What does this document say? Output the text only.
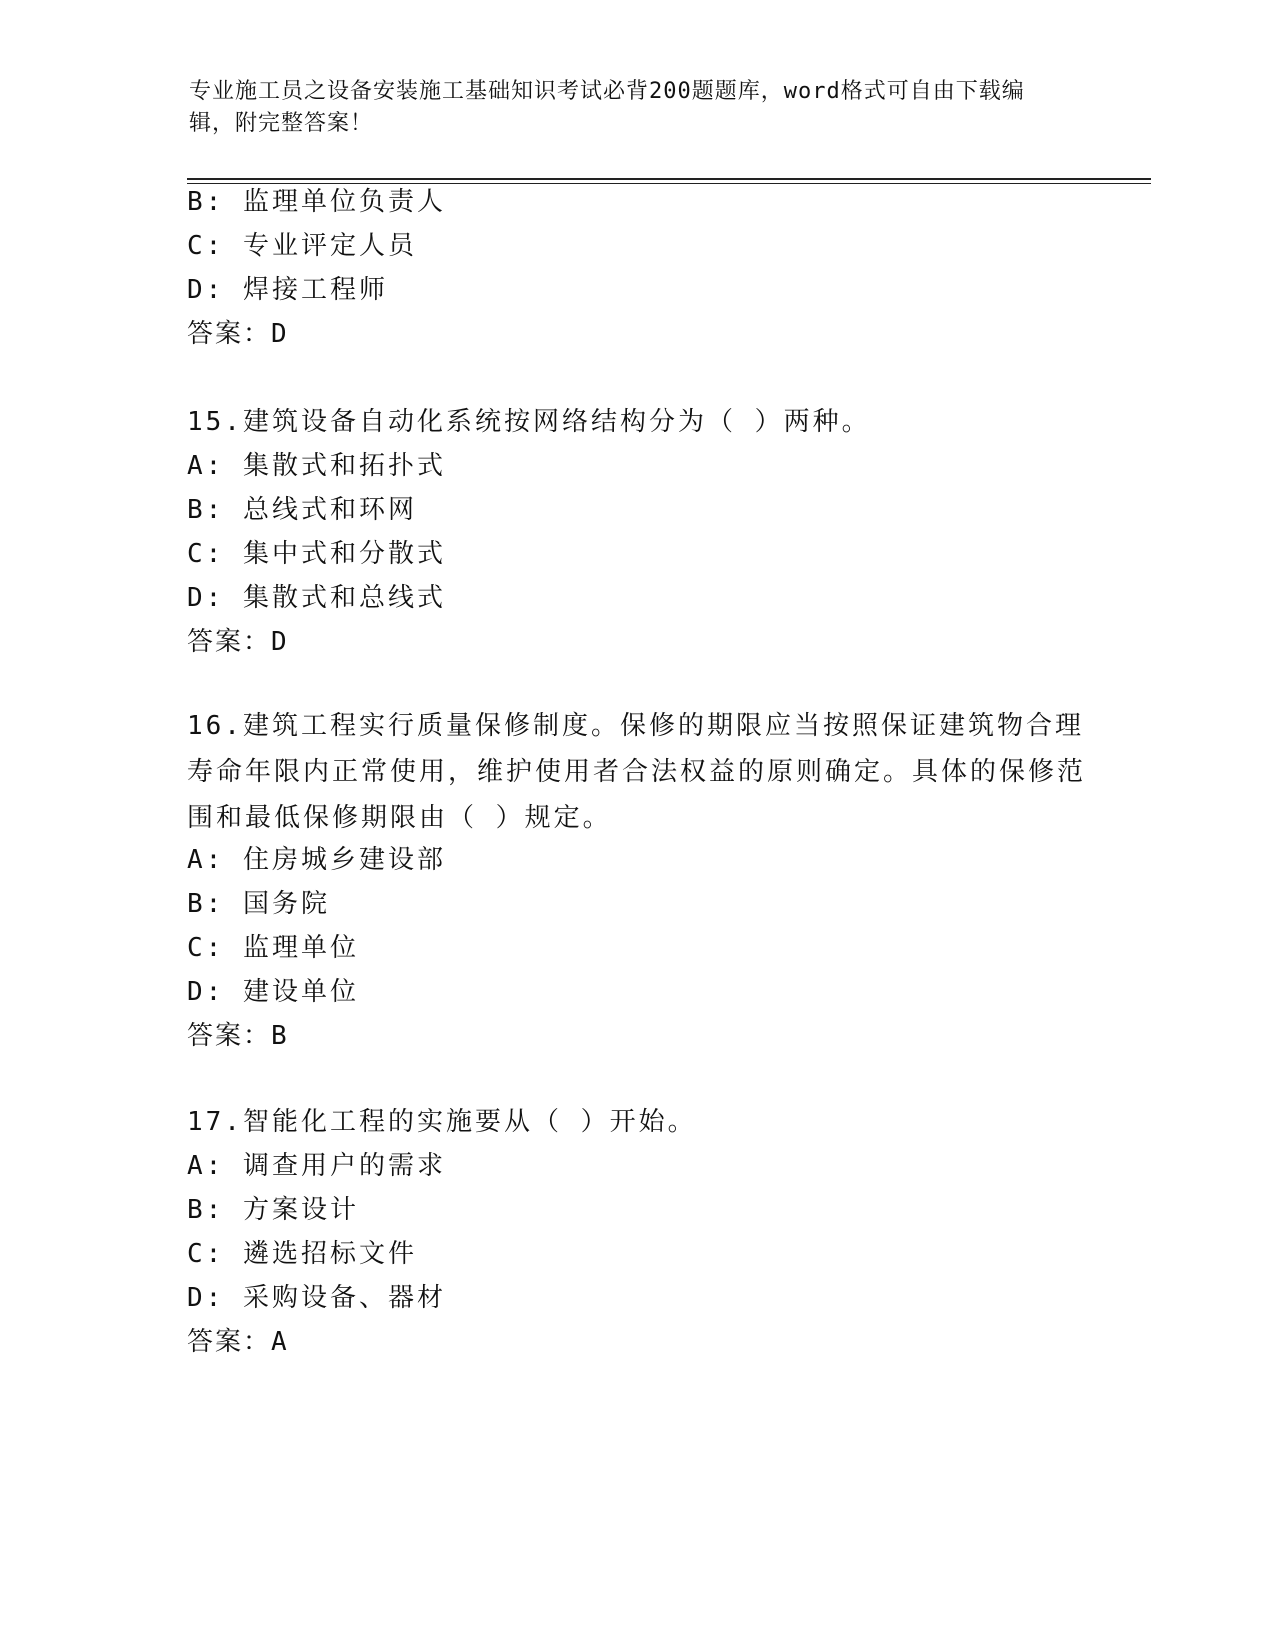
专业施工员之设备安装施工基础知识考试必背200题题库，word格式可自由下载编辑，附完整答案！
B: 监理单位负责人
C: 专业评定人员
D: 焊接工程师
答案：D
15.建筑设备自动化系统按网络结构分为（ ）两种。
A: 集散式和拓扑式
B: 总线式和环网
C: 集中式和分散式
D: 集散式和总线式
答案：D
16.建筑工程实行质量保修制度。保修的期限应当按照保证建筑物合理寿命年限内正常使用，维护使用者合法权益的原则确定。具体的保修范围和最低保修期限由（ ）规定。
A: 住房城乡建设部
B: 国务院
C: 监理单位
D: 建设单位
答案：B
17.智能化工程的实施要从（ ）开始。
A: 调查用户的需求
B: 方案设计
C: 遴选招标文件
D: 采购设备、器材
答案：A
